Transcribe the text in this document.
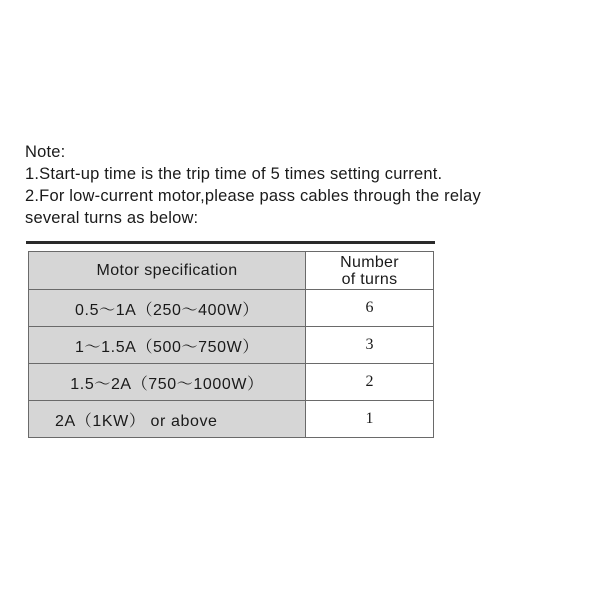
Note:
1.Start-up time is the trip time of 5 times setting current.
2.For low-current motor,please pass cables through the relay
several turns as below:
Motor specification	Number
of turns

0.5～1A（250～400W）	6
1～1.5A（500～750W）	3
1.5～2A（750～1000W）	2
2A（1KW） or above	1
